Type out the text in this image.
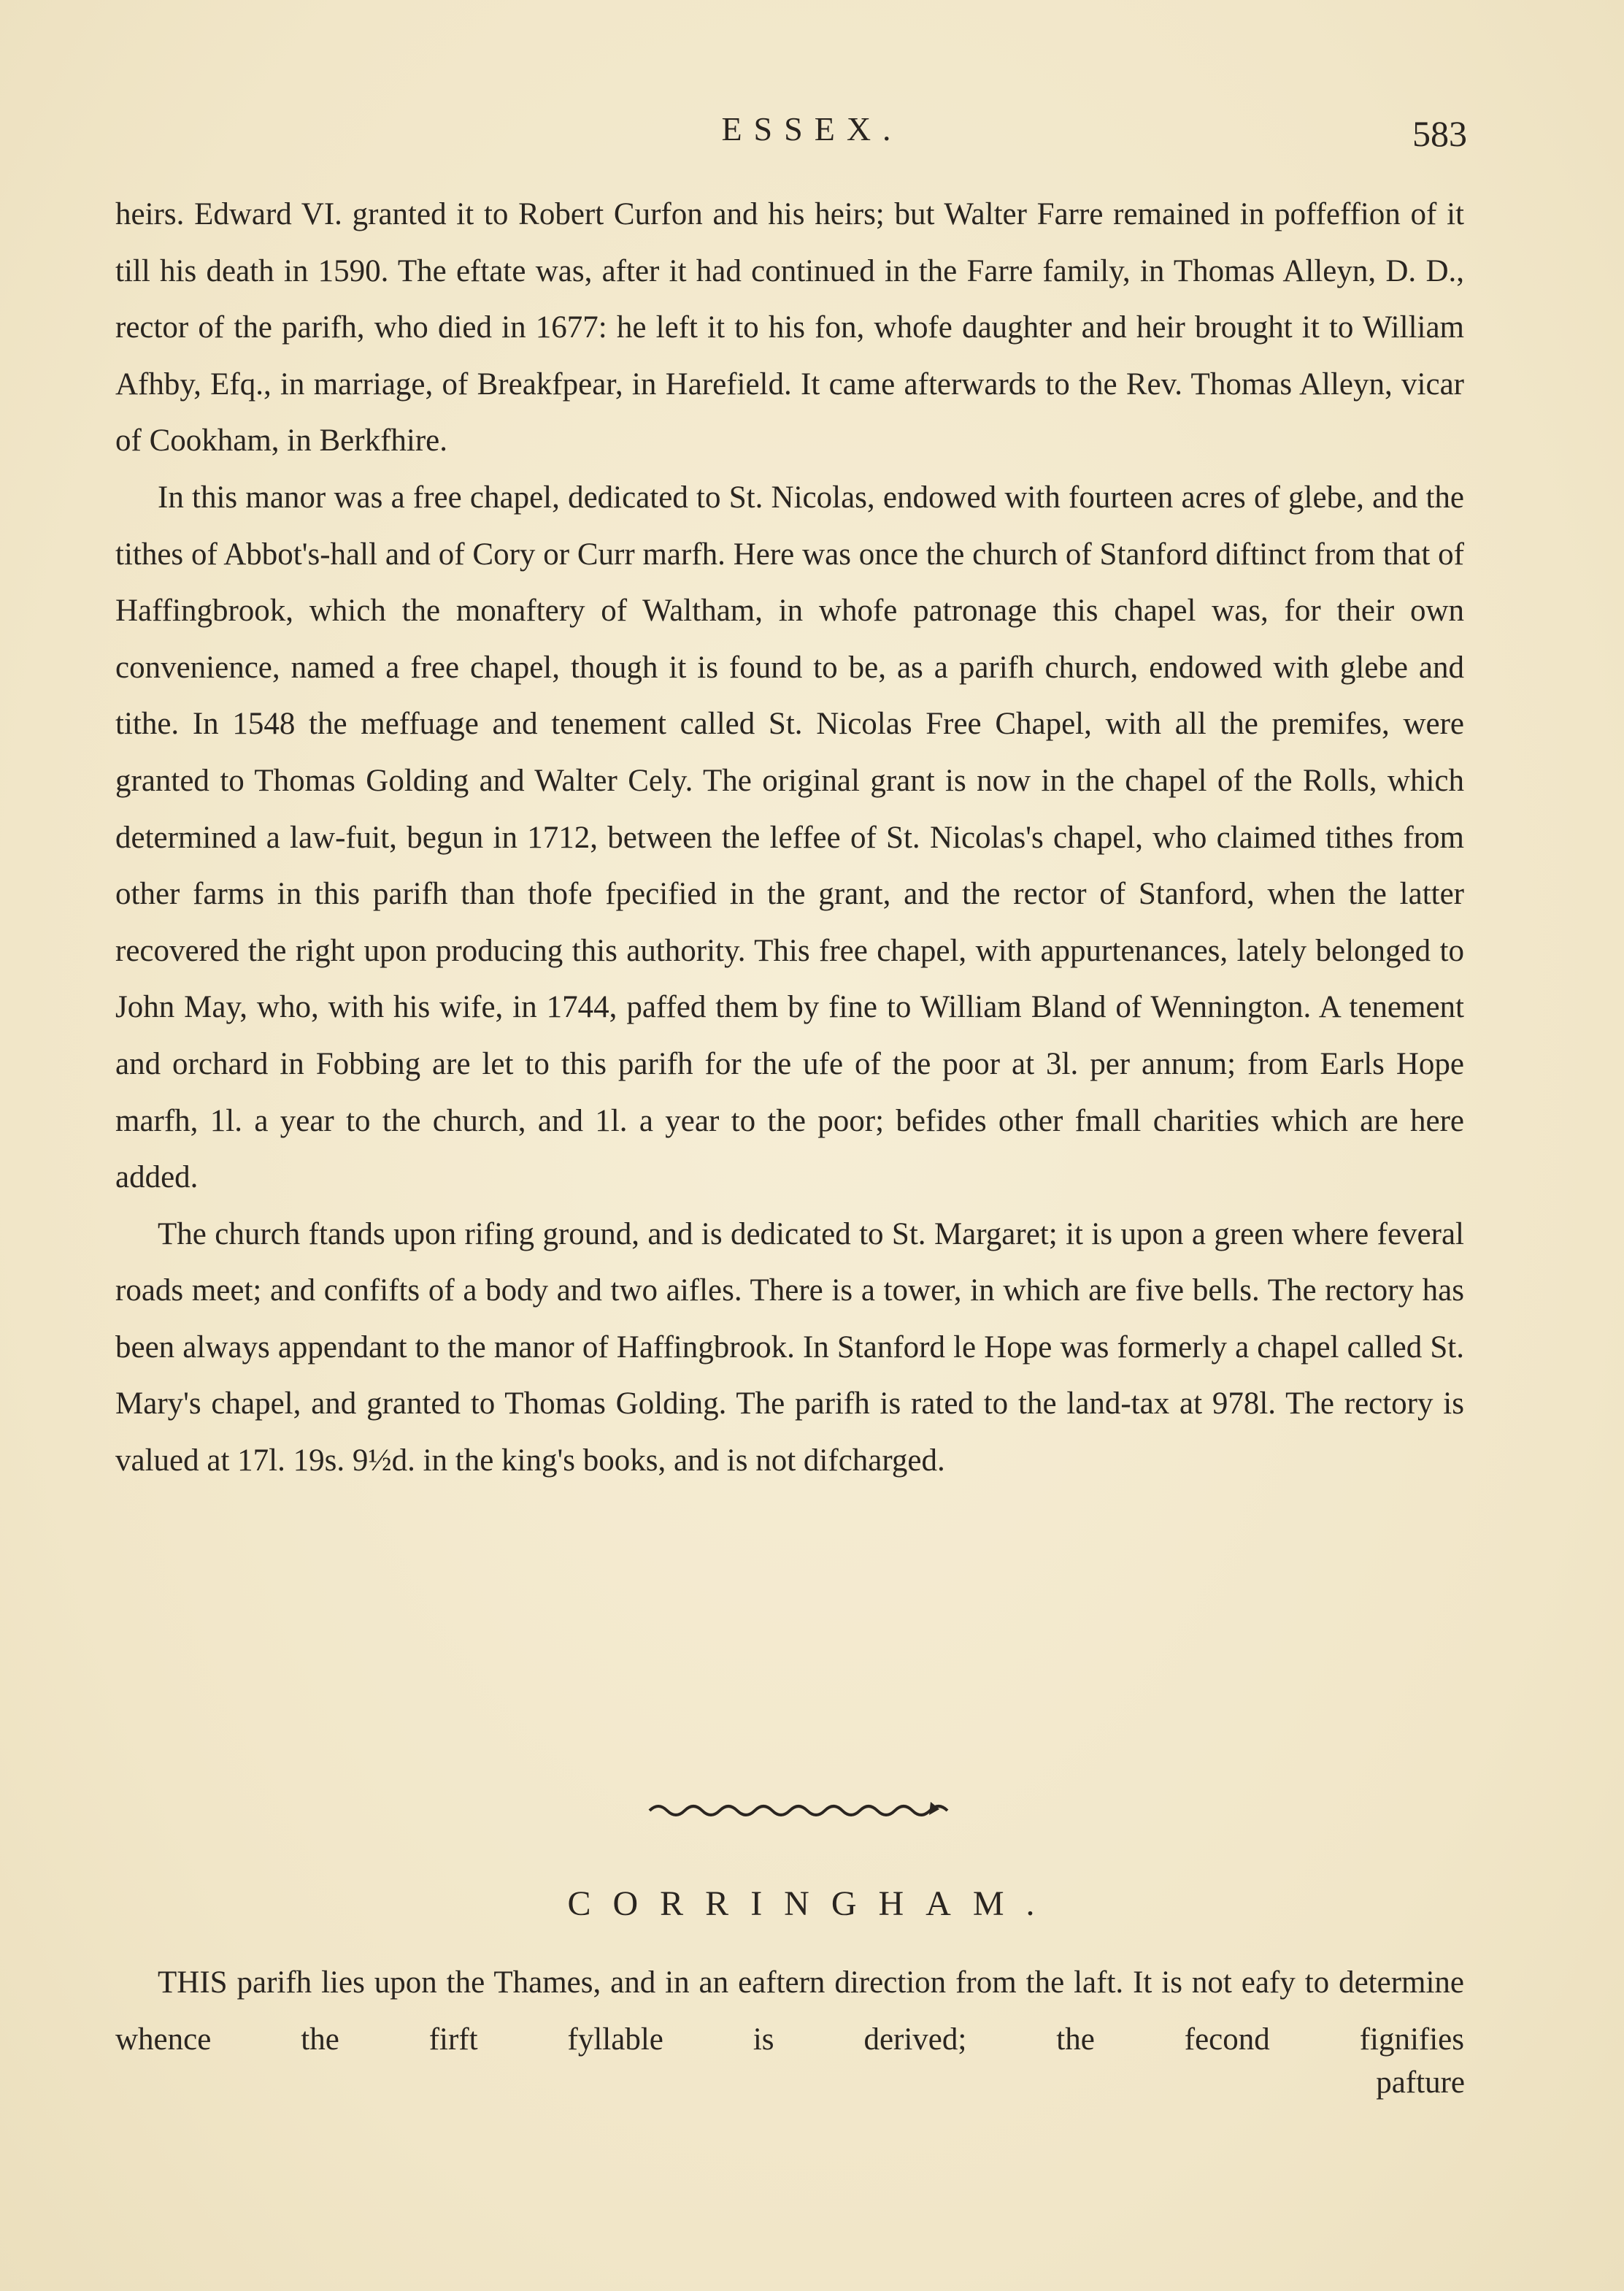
ESSEX.	583

heirs. Edward VI. granted it to Robert Curfon and his heirs; but Walter Farre remained in poffeffion of it till his death in 1590. The eftate was, after it had continued in the Farre family, in Thomas Alleyn, D. D., rector of the parifh, who died in 1677: he left it to his fon, whofe daughter and heir brought it to William Afhby, Efq., in marriage, of Breakfpear, in Harefield. It came afterwards to the Rev. Thomas Alleyn, vicar of Cookham, in Berkfhire.

In this manor was a free chapel, dedicated to St. Nicolas, endowed with fourteen acres of glebe, and the tithes of Abbot's-hall and of Cory or Curr marfh. Here was once the church of Stanford diftinct from that of Haffingbrook, which the monaftery of Waltham, in whofe patronage this chapel was, for their own convenience, named a free chapel, though it is found to be, as a parifh church, endowed with glebe and tithe. In 1548 the meffuage and tenement called St. Nicolas Free Chapel, with all the premifes, were granted to Thomas Golding and Walter Cely. The original grant is now in the chapel of the Rolls, which determined a law-fuit, begun in 1712, between the leffee of St. Nicolas's chapel, who claimed tithes from other farms in this parifh than thofe fpecified in the grant, and the rector of Stanford, when the latter recovered the right upon producing this authority. This free chapel, with appurtenances, lately belonged to John May, who, with his wife, in 1744, paffed them by fine to William Bland of Wennington. A tenement and orchard in Fobbing are let to this parifh for the ufe of the poor at 3l. per annum; from Earls Hope marfh, 1l. a year to the church, and 1l. a year to the poor; befides other fmall charities which are here added.

The church ftands upon rifing ground, and is dedicated to St. Margaret; it is upon a green where feveral roads meet; and confifts of a body and two aifles. There is a tower, in which are five bells. The rectory has been always appendant to the manor of Haffingbrook. In Stanford le Hope was formerly a chapel called St. Mary's chapel, and granted to Thomas Golding. The parifh is rated to the land-tax at 978l. The rectory is valued at 17l. 19s. 9½d. in the king's books, and is not difcharged.

CORRINGHAM.

THIS parifh lies upon the Thames, and in an eaftern direction from the laft. It is not eafy to determine whence the firft fyllable is derived; the fecond fignifies

pafture
